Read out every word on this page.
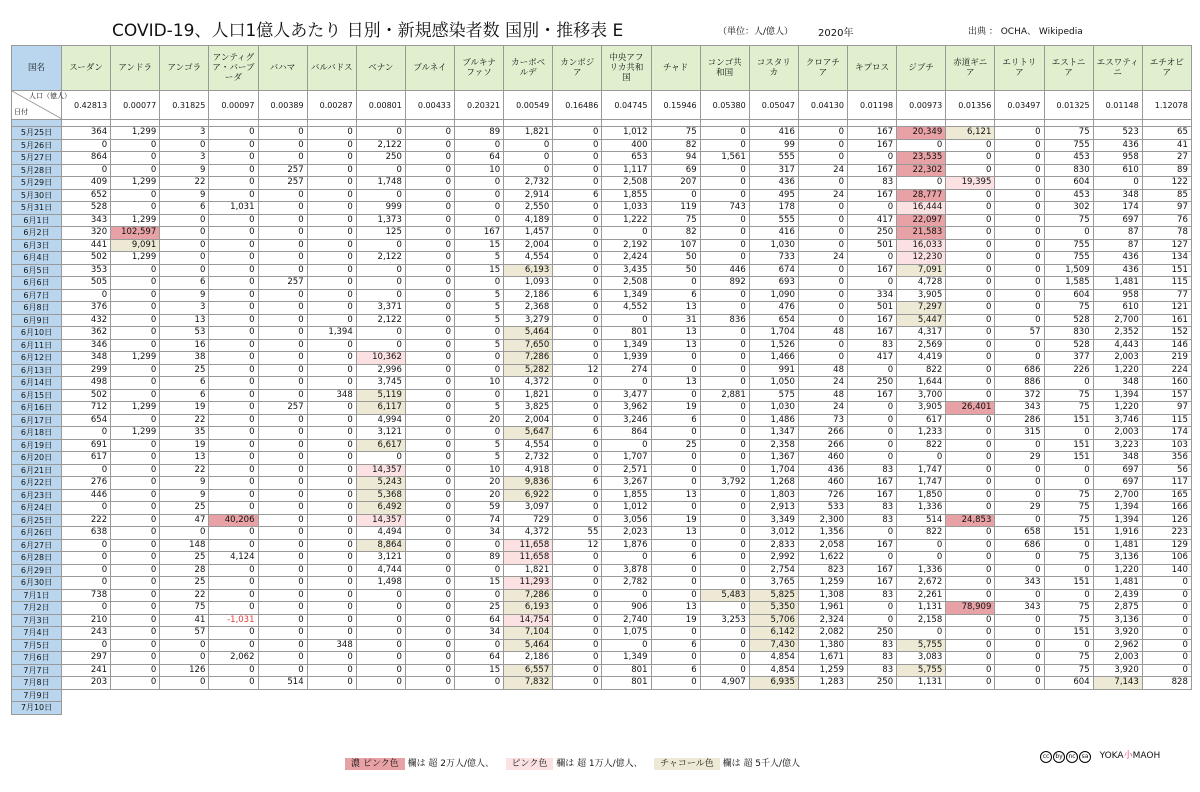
COVID-19、人口1億人あたり 日別・新規感染者数 国別・推移表 E	（単位：人/億人） 2020年	出典 ： OCHA、 Wikipedia
国名	スーダン	アンドラ	アンゴラ	アンティグア・バーブーダ	バハマ	バルバドス	ベナン	ブルネイ	ブルキナファソ	カーボベルデ	カンボジア	中央アフリカ共和国	チャド	コンゴ共和国	コスタリカ	クロアチア	キプロス	ジブチ	赤道ギニア	エリトリア	エストニア	エスワティニ	エチオピア

人口（億人）
日付	0.42813	0.00077	0.31825	0.00097	0.00389	0.00287	0.00801	0.00433	0.20321	0.00549	0.16486	0.04745	0.15946	0.05380	0.05047	0.04130	0.01198	0.00973	0.01356	0.03497	0.01325	0.01148	1.12078

5月25日	364	1,299	3	0	0	0	0	0	89	1,821	0	1,012	75	0	416	0	167	20,349	6,121	0	75	523	65
5月26日	0	0	0	0	0	0	2,122	0	0	0	0	400	82	0	99	0	167	0	0	0	755	436	41
5月27日	864	0	3	0	0	0	250	0	64	0	0	653	94	1,561	555	0	0	23,535	0	0	453	958	27
5月28日	0	0	9	0	257	0	0	0	10	0	0	1,117	69	0	317	24	167	22,302	0	0	830	610	89
5月29日	409	1,299	22	0	257	0	1,748	0	0	2,732	0	2,508	207	0	436	0	83	0	19,395	0	604	0	122
5月30日	652	0	9	0	0	0	0	0	0	2,914	6	1,855	0	0	495	24	167	28,777	0	0	453	348	85
5月31日	528	0	6	1,031	0	0	999	0	0	2,550	0	1,033	119	743	178	0	0	16,444	0	0	302	174	97
6月1日	343	1,299	0	0	0	0	1,373	0	0	4,189	0	1,222	75	0	555	0	417	22,097	0	0	75	697	76
6月2日	320	102,597	0	0	0	0	125	0	167	1,457	0	0	82	0	416	0	250	21,583	0	0	0	87	78
6月3日	441	9,091	0	0	0	0	0	0	15	2,004	0	2,192	107	0	1,030	0	501	16,033	0	0	755	87	127
6月4日	502	1,299	0	0	0	0	2,122	0	5	4,554	0	2,424	50	0	733	24	0	12,230	0	0	755	436	134
6月5日	353	0	0	0	0	0	0	0	15	6,193	0	3,435	50	446	674	0	167	7,091	0	0	1,509	436	151
6月6日	505	0	6	0	257	0	0	0	0	1,093	0	2,508	0	892	693	0	0	4,728	0	0	1,585	1,481	115
6月7日	0	0	9	0	0	0	0	0	5	2,186	6	1,349	6	0	1,090	0	334	3,905	0	0	604	958	77
6月8日	376	0	3	0	0	0	3,371	0	5	2,368	0	4,552	13	0	476	0	501	7,297	0	0	75	610	121
6月9日	432	0	13	0	0	0	2,122	0	5	3,279	0	0	31	836	654	0	167	5,447	0	0	528	2,700	161
6月10日	362	0	53	0	0	1,394	0	0	0	5,464	0	801	13	0	1,704	48	167	4,317	0	57	830	2,352	152
6月11日	346	0	16	0	0	0	0	0	5	7,650	0	1,349	13	0	1,526	0	83	2,569	0	0	528	4,443	146
6月12日	348	1,299	38	0	0	0	10,362	0	0	7,286	0	1,939	0	0	1,466	0	417	4,419	0	0	377	2,003	219
6月13日	299	0	25	0	0	0	2,996	0	0	5,282	12	274	0	0	991	48	0	822	0	686	226	1,220	224
6月14日	498	0	6	0	0	0	3,745	0	10	4,372	0	0	13	0	1,050	24	250	1,644	0	886	0	348	160
6月15日	502	0	6	0	0	348	5,119	0	0	1,821	0	3,477	0	2,881	575	48	167	3,700	0	372	75	1,394	157
6月16日	712	1,299	19	0	257	0	6,117	0	5	3,825	0	3,962	19	0	1,030	24	0	3,905	26,401	343	75	1,220	97
6月17日	654	0	22	0	0	0	4,994	0	20	2,004	0	3,246	6	0	1,486	73	0	617	0	286	151	3,746	115
6月18日	0	1,299	35	0	0	0	3,121	0	0	5,647	6	864	0	0	1,347	266	0	1,233	0	315	0	2,003	174
6月19日	691	0	19	0	0	0	6,617	0	5	4,554	0	0	25	0	2,358	266	0	822	0	0	151	3,223	103
6月20日	617	0	13	0	0	0	0	0	5	2,732	0	1,707	0	0	1,367	460	0	0	0	29	151	348	356
6月21日	0	0	22	0	0	0	14,357	0	10	4,918	0	2,571	0	0	1,704	436	83	1,747	0	0	0	697	56
6月22日	276	0	9	0	0	0	5,243	0	20	9,836	6	3,267	0	3,792	1,268	460	167	1,747	0	0	0	697	117
6月23日	446	0	9	0	0	0	5,368	0	20	6,922	0	1,855	13	0	1,803	726	167	1,850	0	0	75	2,700	165
6月24日	0	0	25	0	0	0	6,492	0	59	3,097	0	1,012	0	0	2,913	533	83	1,336	0	29	75	1,394	166
6月25日	222	0	47	40,206	0	0	14,357	0	74	729	0	3,056	19	0	3,349	2,300	83	514	24,853	0	75	1,394	126
6月26日	638	0	0	0	0	0	4,494	0	34	4,372	55	2,023	13	0	3,012	1,356	0	822	0	658	151	1,916	223
6月27日	0	0	148	0	0	0	8,864	0	0	11,658	12	1,876	0	0	2,833	2,058	167	0	0	686	0	1,481	129
6月28日	0	0	25	4,124	0	0	3,121	0	89	11,658	0	0	6	0	2,992	1,622	0	0	0	0	75	3,136	106
6月29日	0	0	28	0	0	0	4,744	0	0	1,821	0	3,878	0	0	2,754	823	167	1,336	0	0	0	1,220	140
6月30日	0	0	25	0	0	0	1,498	0	15	11,293	0	2,782	0	0	3,765	1,259	167	2,672	0	343	151	1,481	0
7月1日	738	0	22	0	0	0	0	0	0	7,286	0	0	0	5,483	5,825	1,308	83	2,261	0	0	0	2,439	0
7月2日	0	0	75	0	0	0	0	0	25	6,193	0	906	13	0	5,350	1,961	0	1,131	78,909	343	75	2,875	0
7月3日	210	0	41	-1,031	0	0	0	0	64	14,754	0	2,740	19	3,253	5,706	2,324	0	2,158	0	0	75	3,136	0
7月4日	243	0	57	0	0	0	0	0	34	7,104	0	1,075	0	0	6,142	2,082	250	0	0	0	151	3,920	0
7月5日	0	0	0	0	0	348	0	0	0	5,464	0	0	6	0	7,430	1,380	83	5,755	0	0	0	2,962	0
7月6日	297	0	0	2,062	0	0	0	0	64	2,186	0	1,349	0	0	4,854	1,671	83	3,083	0	0	75	2,003	0
7月7日	241	0	126	0	0	0	0	0	15	6,557	0	801	6	0	4,854	1,259	83	5,755	0	0	75	3,920	0
7月8日	203	0	0	0	514	0	0	0	0	7,832	0	801	0	4,907	6,935	1,283	250	1,131	0	0	604	7,143	828
7月9日																							
7月10日																							
濃 ピンク色 欄は 超 2万人/億人、 ピンク色 欄は 超 1万人/億人、 チャコール色 欄は 超 5千人/億人
cc	by nc	sa YOKA小MAOH
